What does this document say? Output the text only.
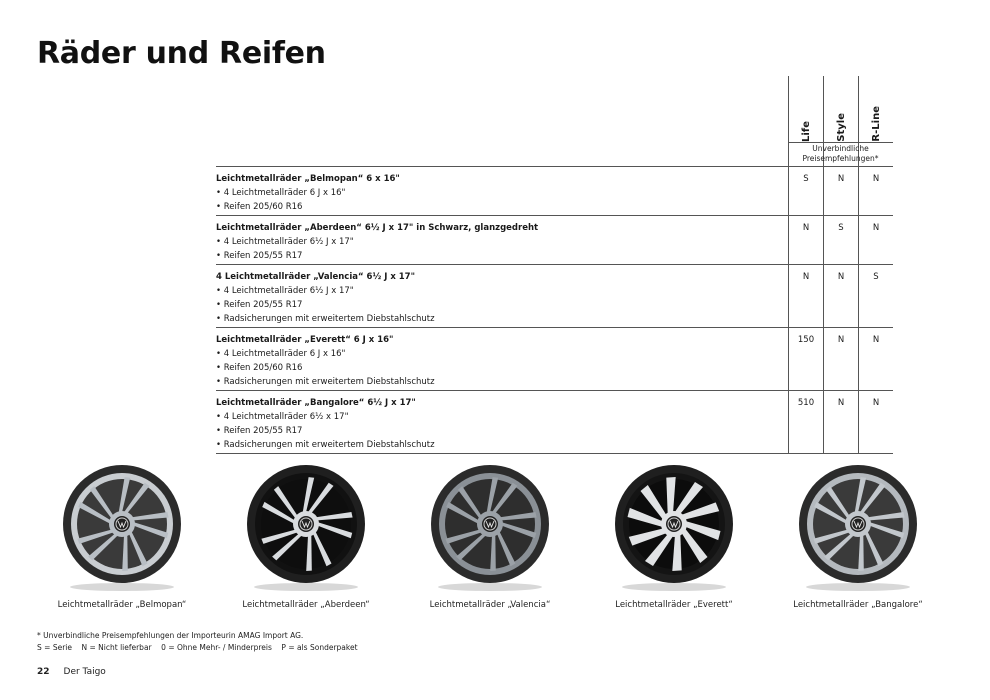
Räder und Reifen
Life Style R-Line
Unverbindliche Preisempfehlungen*
Leichtmetallräder „Belmopan“ 6 x 16"
• 4 Leichtmetallräder 6 J x 16"
• Reifen 205/60 R16
S	N	N
Leichtmetallräder „Aberdeen“ 6½ J x 17" in Schwarz, glanzgedreht
• 4 Leichtmetallräder 6½ J x 17"
• Reifen 205/55 R17
N	S	N
4 Leichtmetallräder „Valencia“ 6½ J x 17"
• 4 Leichtmetallräder 6½ J x 17"
• Reifen 205/55 R17
• Radsicherungen mit erweitertem Diebstahlschutz
N	N	S
Leichtmetallräder „Everett“ 6 J x 16"
• 4 Leichtmetallräder 6 J x 16"
• Reifen 205/60 R16
• Radsicherungen mit erweitertem Diebstahlschutz
150	N	N
Leichtmetallräder „Bangalore“ 6½ J x 17"
• 4 Leichtmetallräder 6½ x 17"
• Reifen 205/55 R17
• Radsicherungen mit erweitertem Diebstahlschutz
510	N	N
Leichtmetallräder „Belmopan“	Leichtmetallräder „Aberdeen“	Leichtmetallräder „Valencia“	Leichtmetallräder „Everett“	Leichtmetallräder „Bangalore“
* Unverbindliche Preisempfehlungen der Importeurin AMAG Import AG.
S = Serie    N = Nicht lieferbar    0 = Ohne Mehr- / Minderpreis    P = als Sonderpaket
22 Der Taigo
